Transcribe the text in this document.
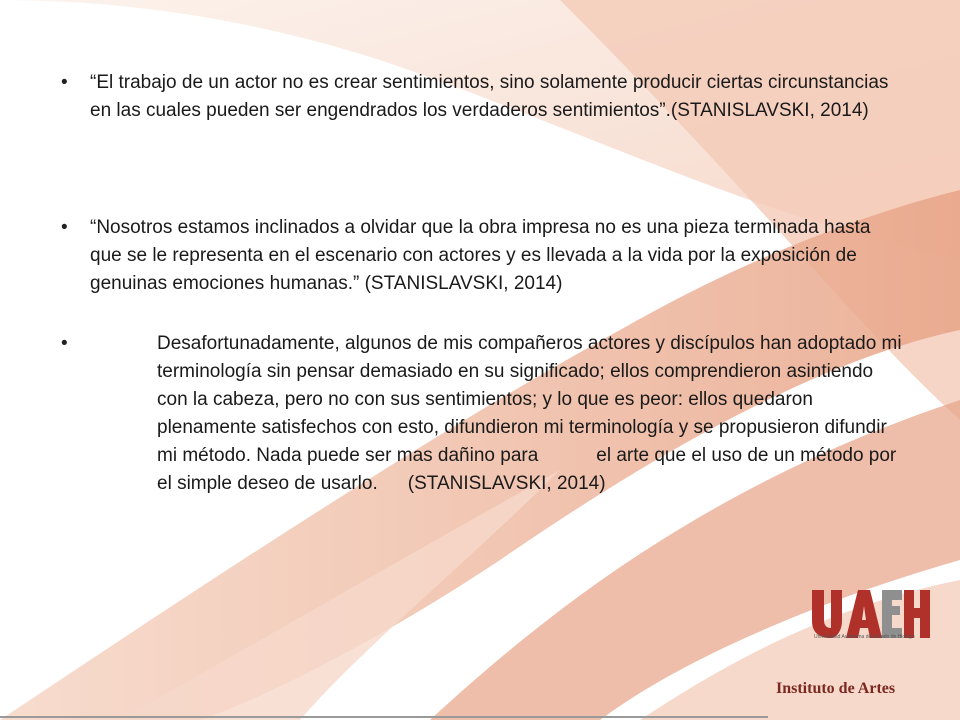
• “El trabajo de un actor no es crear sentimientos, sino solamente producir ciertas circunstancias en las cuales pueden ser engendrados los verdaderos sentimientos”.(STANISLAVSKI, 2014)

• “Nosotros estamos inclinados a olvidar que la obra impresa no es una pieza terminada hasta que se le representa en el escenario con actores y es llevada a la vida por la exposición de genuinas emociones humanas.” (STANISLAVSKI, 2014)

•	Desafortunadamente, algunos de mis compañeros actores y discípulos han adoptado mi terminología sin pensar demasiado en su significado; ellos comprendieron asintiendo con la cabeza, pero no con sus sentimientos; y lo que es peor: ellos quedaron plenamente satisfechos con esto, difundieron mi terminología y se propusieron difundir mi método. Nada puede ser mas dañino para	el arte que el uso de un método por el simple deseo de usarlo. (STANISLAVSKI, 2014)

Universidad Autónoma del Estado de Hidalgo
Instituto de Artes
